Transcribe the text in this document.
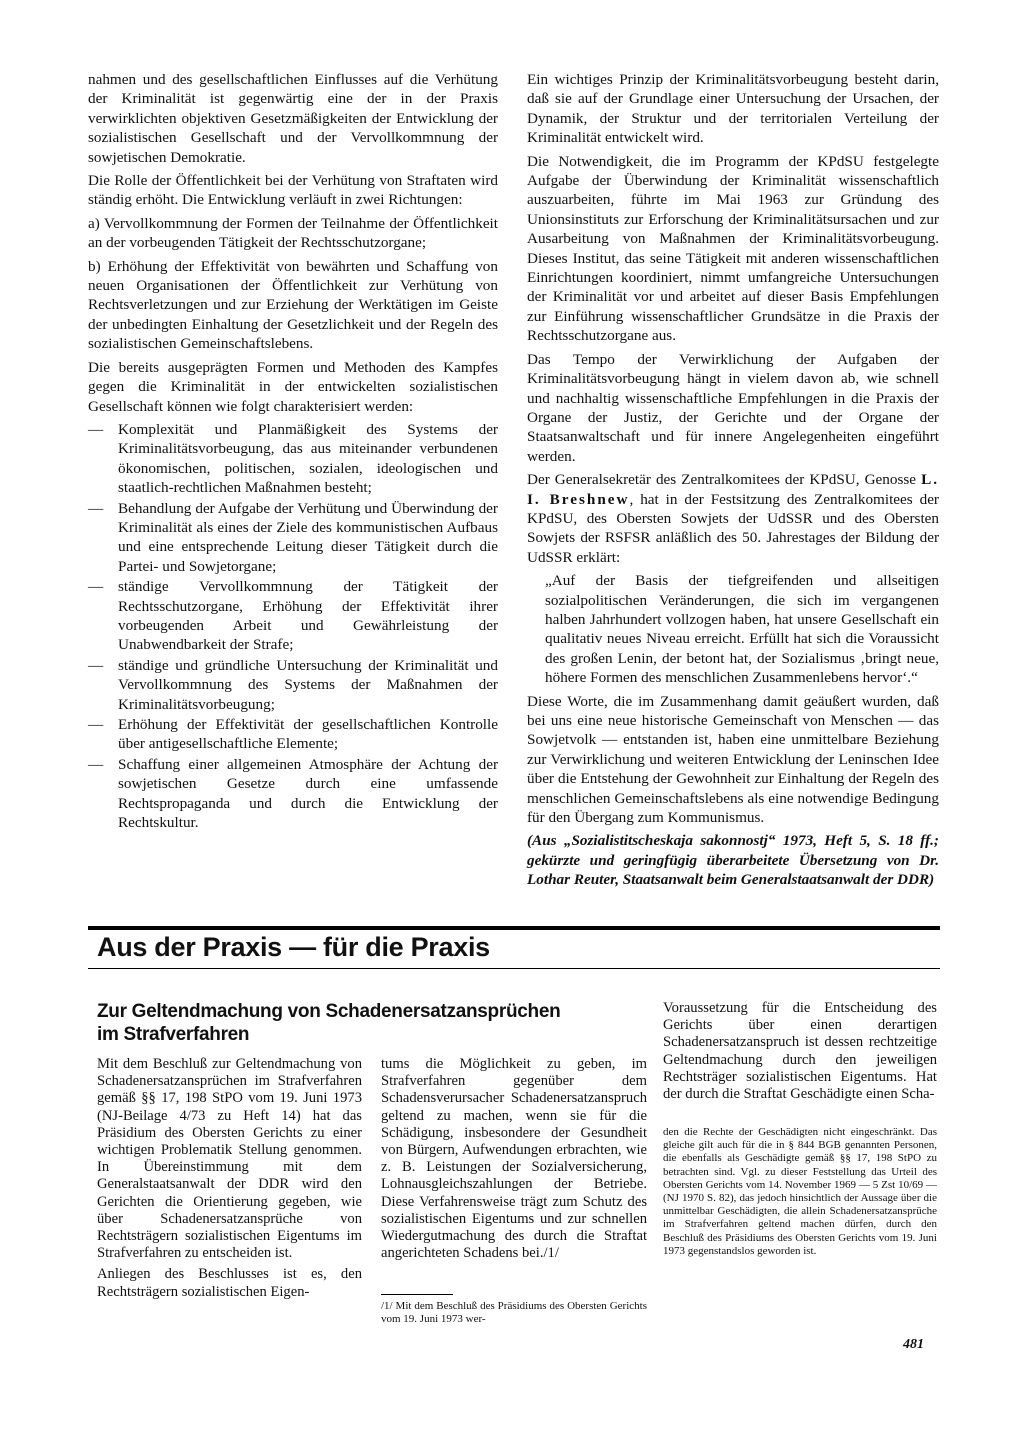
nahmen und des gesellschaftlichen Einflusses auf die Verhütung der Kriminalität ist gegenwärtig eine der in der Praxis verwirklichten objektiven Gesetzmäßigkeiten der Entwicklung der sozialistischen Gesellschaft und der Vervollkommnung der sowjetischen Demokratie.

Die Rolle der Öffentlichkeit bei der Verhütung von Straftaten wird ständig erhöht. Die Entwicklung verläuft in zwei Richtungen:

a) Vervollkommnung der Formen der Teilnahme der Öffentlichkeit an der vorbeugenden Tätigkeit der Rechtsschutzorgane;

b) Erhöhung der Effektivität von bewährten und Schaffung von neuen Organisationen der Öffentlichkeit zur Verhütung von Rechtsverletzungen und zur Erziehung der Werktätigen im Geiste der unbedingten Einhaltung der Gesetzlichkeit und der Regeln des sozialistischen Gemeinschaftslebens.

Die bereits ausgeprägten Formen und Methoden des Kampfes gegen die Kriminalität in der entwickelten sozialistischen Gesellschaft können wie folgt charakterisiert werden:

— Komplexität und Planmäßigkeit des Systems der Kriminalitätsvorbeugung, das aus miteinander verbundenen ökonomischen, politischen, sozialen, ideologischen und staatlich-rechtlichen Maßnahmen besteht;
— Behandlung der Aufgabe der Verhütung und Überwindung der Kriminalität als eines der Ziele des kommunistischen Aufbaus und eine entsprechende Leitung dieser Tätigkeit durch die Partei- und Sowjetorgane;
— ständige Vervollkommnung der Tätigkeit der Rechtsschutzorgane, Erhöhung der Effektivität ihrer vorbeugenden Arbeit und Gewährleistung der Unabwendbarkeit der Strafe;
— ständige und gründliche Untersuchung der Kriminalität und Vervollkommnung des Systems der Maßnahmen der Kriminalitätsvorbeugung;
— Erhöhung der Effektivität der gesellschaftlichen Kontrolle über antigesellschaftliche Elemente;
— Schaffung einer allgemeinen Atmosphäre der Achtung der sowjetischen Gesetze durch eine umfassende Rechtspropaganda und durch die Entwicklung der Rechtskultur.

Ein wichtiges Prinzip der Kriminalitätsvorbeugung besteht darin, daß sie auf der Grundlage einer Untersuchung der Ursachen, der Dynamik, der Struktur und der territorialen Verteilung der Kriminalität entwickelt wird.

Die Notwendigkeit, die im Programm der KPdSU festgelegte Aufgabe der Überwindung der Kriminalität wissenschaftlich auszuarbeiten, führte im Mai 1963 zur Gründung des Unionsinstituts zur Erforschung der Kriminalitätsursachen und zur Ausarbeitung von Maßnahmen der Kriminalitätsvorbeugung. Dieses Institut, das seine Tätigkeit mit anderen wissenschaftlichen Einrichtungen koordiniert, nimmt umfangreiche Untersuchungen der Kriminalität vor und arbeitet auf dieser Basis Empfehlungen zur Einführung wissenschaftlicher Grundsätze in die Praxis der Rechtsschutzorgane aus.

Das Tempo der Verwirklichung der Aufgaben der Kriminalitätsvorbeugung hängt in vielem davon ab, wie schnell und nachhaltig wissenschaftliche Empfehlungen in die Praxis der Organe der Justiz, der Gerichte und der Organe der Staatsanwaltschaft und für innere Angelegenheiten eingeführt werden.

Der Generalsekretär des Zentralkomitees der KPdSU, Genosse L. I. Breshnew, hat in der Festsitzung des Zentralkomitees der KPdSU, des Obersten Sowjets der UdSSR und des Obersten Sowjets der RSFSR anläßlich des 50. Jahrestages der Bildung der UdSSR erklärt:

„Auf der Basis der tiefgreifenden und allseitigen sozialpolitischen Veränderungen, die sich im vergangenen halben Jahrhundert vollzogen haben, hat unsere Gesellschaft ein qualitativ neues Niveau erreicht. Erfüllt hat sich die Voraussicht des großen Lenin, der betont hat, der Sozialismus ‚bringt neue, höhere Formen des menschlichen Zusammenlebens hervor‘.“

Diese Worte, die im Zusammenhang damit geäußert wurden, daß bei uns eine neue historische Gemeinschaft von Menschen — das Sowjetvolk — entstanden ist, haben eine unmittelbare Beziehung zur Verwirklichung und weiteren Entwicklung der Leninschen Idee über die Entstehung der Gewohnheit zur Einhaltung der Regeln des menschlichen Gemeinschaftslebens als eine notwendige Bedingung für den Übergang zum Kommunismus.

(Aus „Sozialistitscheskaja sakonnostj“ 1973, Heft 5, S. 18 ff.; gekürzte und geringfügig überarbeitete Übersetzung von Dr. Lothar Reuter, Staatsanwalt beim Generalstaatsanwalt der DDR)

Aus der Praxis — für die Praxis
Zur Geltendmachung von Schadenersatzansprüchen im Strafverfahren

Mit dem Beschluß zur Geltendmachung von Schadenersatzansprüchen im Strafverfahren gemäß §§ 17, 198 StPO vom 19. Juni 1973 (NJ-Beilage 4/73 zu Heft 14) hat das Präsidium des Obersten Gerichts zu einer wichtigen Problematik Stellung genommen. In Übereinstimmung mit dem Generalstaatsanwalt der DDR wird den Gerichten die Orientierung gegeben, wie über Schadenersatzansprüche von Rechtsträgern sozialistischen Eigentums im Strafverfahren zu entscheiden ist.

Anliegen des Beschlusses ist es, den Rechtsträgern sozialistischen Eigen-

tums die Möglichkeit zu geben, im Strafverfahren gegenüber dem Schadensverursacher Schadenersatzanspruch geltend zu machen, wenn sie für die Schädigung, insbesondere der Gesundheit von Bürgern, Aufwendungen erbrachten, wie z. B. Leistungen der Sozialversicherung, Lohnausgleichszahlungen der Betriebe. Diese Verfahrensweise trägt zum Schutz des sozialistischen Eigentums und zur schnellen Wiedergutmachung des durch die Straftat angerichteten Schadens bei./1/

/1/ Mit dem Beschluß des Präsidiums des Obersten Gerichts vom 19. Juni 1973 wer-

Voraussetzung für die Entscheidung des Gerichts über einen derartigen Schadenersatzanspruch ist dessen rechtzeitige Geltendmachung durch den jeweiligen Rechtsträger sozialistischen Eigentums. Hat der durch die Straftat Geschädigte einen Scha-

den die Rechte der Geschädigten nicht eingeschränkt. Das gleiche gilt auch für die in § 844 BGB genannten Personen, die ebenfalls als Geschädigte gemäß §§ 17, 198 StPO zu betrachten sind. Vgl. zu dieser Feststellung das Urteil des Obersten Gerichts vom 14. November 1969 — 5 Zst 10/69 — (NJ 1970 S. 82), das jedoch hinsichtlich der Aussage über die unmittelbar Geschädigten, die allein Schadenersatzansprüche im Strafverfahren geltend machen dürfen, durch den Beschluß des Präsidiums des Obersten Gerichts vom 19. Juni 1973 gegenstandslos geworden ist.

481
